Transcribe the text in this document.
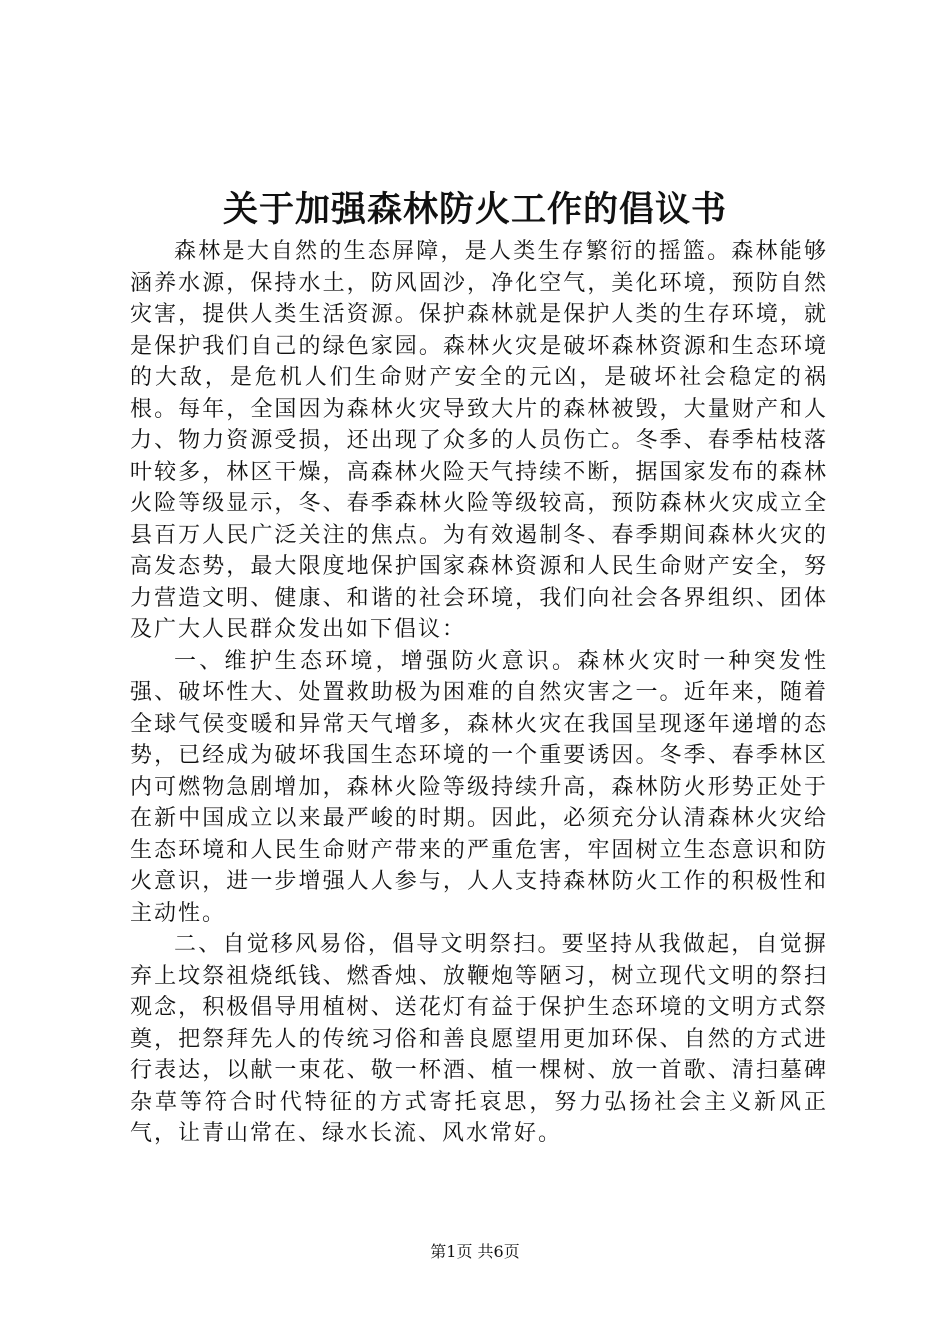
关于加强森林防火工作的倡议书

森林是大自然的生态屏障，是人类生存繁衍的摇篮。森林能够涵养水源，保持水土，防风固沙，净化空气，美化环境，预防自然灾害，提供人类生活资源。保护森林就是保护人类的生存环境，就是保护我们自己的绿色家园。森林火灾是破坏森林资源和生态环境的大敌，是危机人们生命财产安全的元凶，是破坏社会稳定的祸根。每年，全国因为森林火灾导致大片的森林被毁，大量财产和人力、物力资源受损，还出现了众多的人员伤亡。冬季、春季枯枝落叶较多，林区干燥，高森林火险天气持续不断，据国家发布的森林火险等级显示，冬、春季森林火险等级较高，预防森林火灾成立全县百万人民广泛关注的焦点。为有效遏制冬、春季期间森林火灾的高发态势，最大限度地保护国家森林资源和人民生命财产安全，努力营造文明、健康、和谐的社会环境，我们向社会各界组织、团体及广大人民群众发出如下倡议：

一、维护生态环境，增强防火意识。森林火灾时一种突发性强、破坏性大、处置救助极为困难的自然灾害之一。近年来，随着全球气侯变暖和异常天气增多，森林火灾在我国呈现逐年递增的态势，已经成为破坏我国生态环境的一个重要诱因。冬季、春季林区内可燃物急剧增加，森林火险等级持续升高，森林防火形势正处于在新中国成立以来最严峻的时期。因此，必须充分认清森林火灾给生态环境和人民生命财产带来的严重危害，牢固树立生态意识和防火意识，进一步增强人人参与，人人支持森林防火工作的积极性和主动性。

二、自觉移风易俗，倡导文明祭扫。要坚持从我做起，自觉摒弃上坟祭祖烧纸钱、燃香烛、放鞭炮等陋习，树立现代文明的祭扫观念，积极倡导用植树、送花灯有益于保护生态环境的文明方式祭奠，把祭拜先人的传统习俗和善良愿望用更加环保、自然的方式进行表达，以献一束花、敬一杯酒、植一棵树、放一首歌、清扫墓碑杂草等符合时代特征的方式寄托哀思，努力弘扬社会主义新风正气，让青山常在、绿水长流、风水常好。

第1页 共6页
